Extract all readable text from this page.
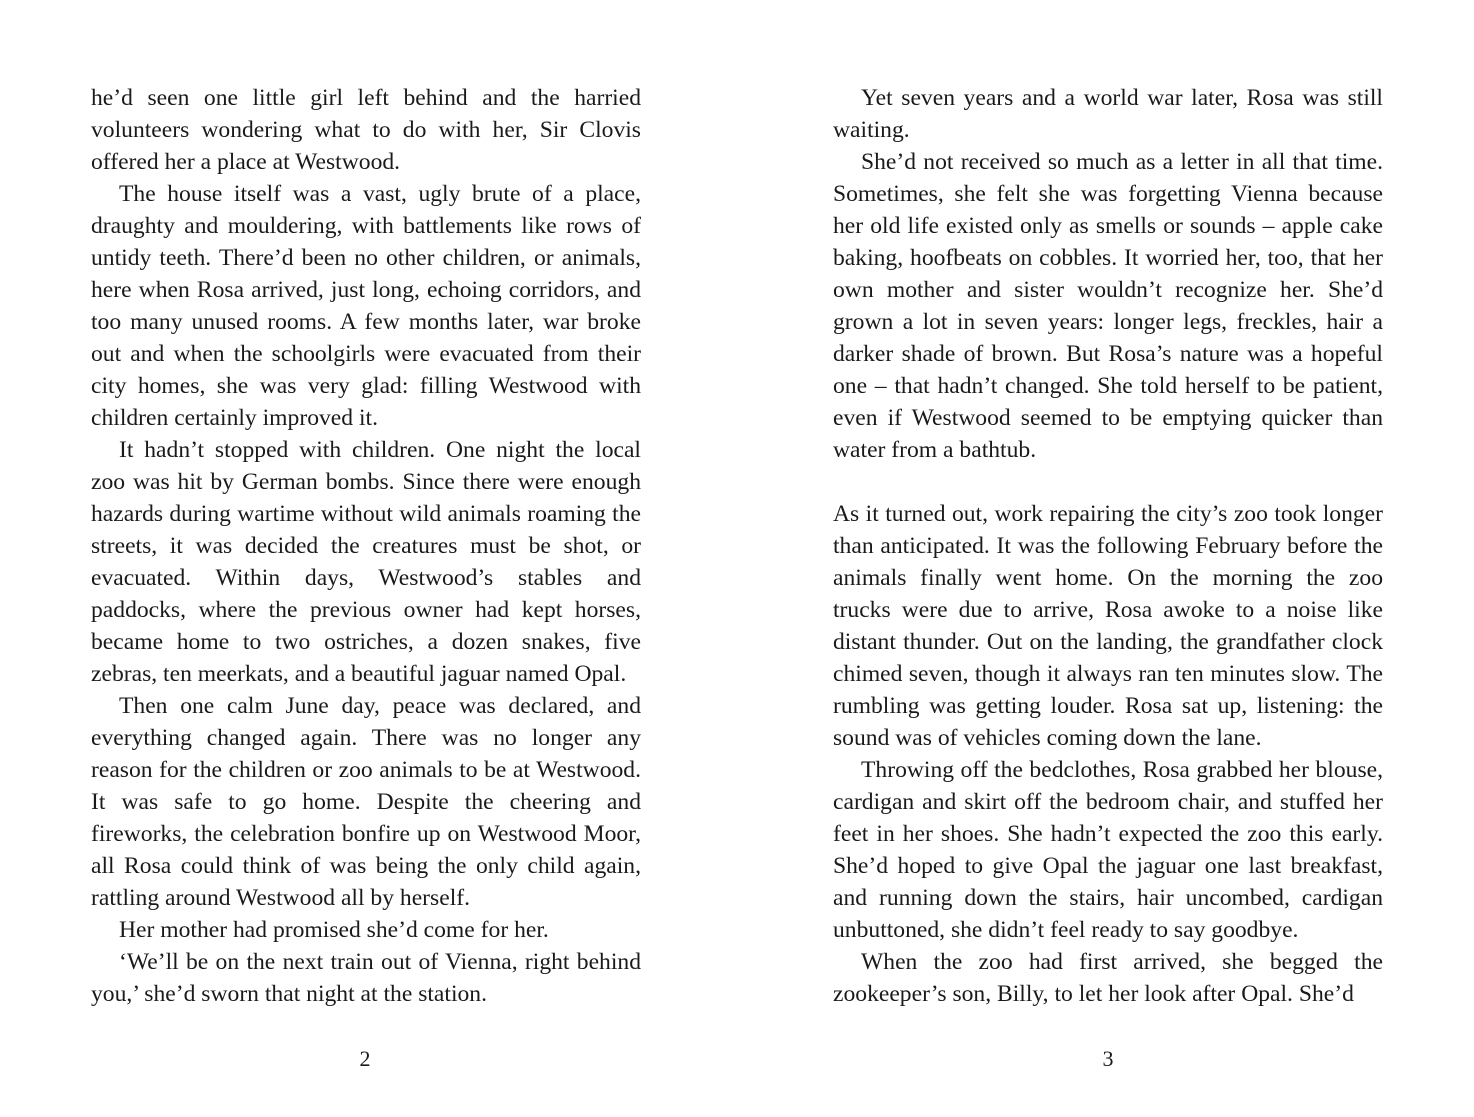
he’d seen one little girl left behind and the harried volunteers wondering what to do with her, Sir Clovis offered her a place at Westwood.

The house itself was a vast, ugly brute of a place, draughty and mouldering, with battlements like rows of untidy teeth. There’d been no other children, or animals, here when Rosa arrived, just long, echoing corridors, and too many unused rooms. A few months later, war broke out and when the schoolgirls were evacuated from their city homes, she was very glad: filling Westwood with children certainly improved it.

It hadn’t stopped with children. One night the local zoo was hit by German bombs. Since there were enough hazards during wartime without wild animals roaming the streets, it was decided the creatures must be shot, or evacuated. Within days, Westwood’s stables and paddocks, where the previous owner had kept horses, became home to two ostriches, a dozen snakes, five zebras, ten meerkats, and a beautiful jaguar named Opal.

Then one calm June day, peace was declared, and everything changed again. There was no longer any reason for the children or zoo animals to be at Westwood. It was safe to go home. Despite the cheering and fireworks, the celebration bonfire up on Westwood Moor, all Rosa could think of was being the only child again, rattling around Westwood all by herself.

Her mother had promised she’d come for her.

‘We’ll be on the next train out of Vienna, right behind you,’ she’d sworn that night at the station.

2

Yet seven years and a world war later, Rosa was still waiting.

She’d not received so much as a letter in all that time. Sometimes, she felt she was forgetting Vienna because her old life existed only as smells or sounds – apple cake baking, hoofbeats on cobbles. It worried her, too, that her own mother and sister wouldn’t recognize her. She’d grown a lot in seven years: longer legs, freckles, hair a darker shade of brown. But Rosa’s nature was a hopeful one – that hadn’t changed. She told herself to be patient, even if Westwood seemed to be emptying quicker than water from a bathtub.

As it turned out, work repairing the city’s zoo took longer than anticipated. It was the following February before the animals finally went home. On the morning the zoo trucks were due to arrive, Rosa awoke to a noise like distant thunder. Out on the landing, the grandfather clock chimed seven, though it always ran ten minutes slow. The rumbling was getting louder. Rosa sat up, listening: the sound was of vehicles coming down the lane.

Throwing off the bedclothes, Rosa grabbed her blouse, cardigan and skirt off the bedroom chair, and stuffed her feet in her shoes. She hadn’t expected the zoo this early. She’d hoped to give Opal the jaguar one last breakfast, and running down the stairs, hair uncombed, cardigan unbuttoned, she didn’t feel ready to say goodbye.

When the zoo had first arrived, she begged the zookeeper’s son, Billy, to let her look after Opal. She’d

3
